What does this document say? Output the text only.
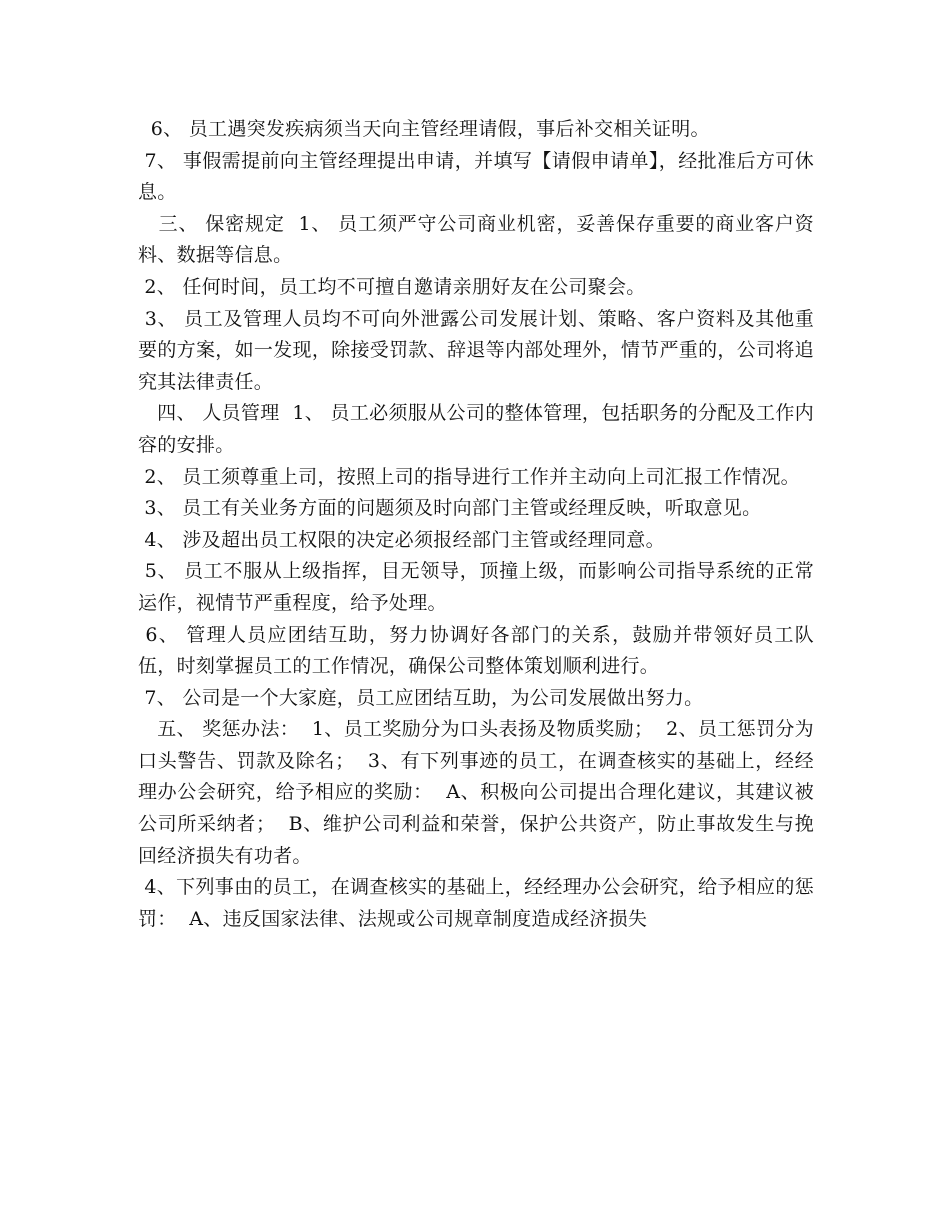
6、 员工遇突发疾病须当天向主管经理请假，事后补交相关证明。

7、 事假需提前向主管经理提出申请，并填写【请假申请单】，经批准后方可休息。

三、 保密规定  1、 员工须严守公司商业机密，妥善保存重要的商业客户资料、数据等信息。

2、 任何时间，员工均不可擅自邀请亲朋好友在公司聚会。

3、 员工及管理人员均不可向外泄露公司发展计划、策略、客户资料及其他重要的方案，如一发现，除接受罚款、辞退等内部处理外，情节严重的，公司将追究其法律责任。

四、 人员管理  1、 员工必须服从公司的整体管理，包括职务的分配及工作内容的安排。

2、 员工须尊重上司，按照上司的指导进行工作并主动向上司汇报工作情况。

3、 员工有关业务方面的问题须及时向部门主管或经理反映，听取意见。

4、 涉及超出员工权限的决定必须报经部门主管或经理同意。

5、 员工不服从上级指挥，目无领导，顶撞上级，而影响公司指导系统的正常运作，视情节严重程度，给予处理。

6、 管理人员应团结互助，努力协调好各部门的关系，鼓励并带领好员工队伍，时刻掌握员工的工作情况，确保公司整体策划顺利进行。

7、 公司是一个大家庭，员工应团结互助，为公司发展做出努力。

五、 奖惩办法：  1、员工奖励分为口头表扬及物质奖励；  2、员工惩罚分为口头警告、罚款及除名；  3、有下列事迹的员工，在调查核实的基础上，经经理办公会研究，给予相应的奖励：  A、积极向公司提出合理化建议，其建议被公司所采纳者；  B、维护公司利益和荣誉，保护公共资产，防止事故发生与挽回经济损失有功者。

4、下列事由的员工，在调查核实的基础上，经经理办公会研究，给予相应的惩罚：  A、违反国家法律、法规或公司规章制度造成经济损失
